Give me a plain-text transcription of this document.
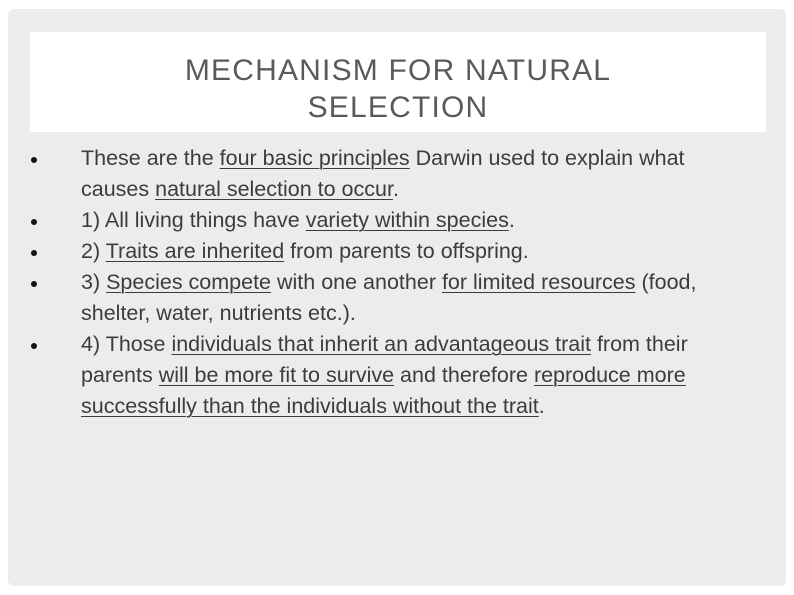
MECHANISM FOR NATURAL
SELECTION
These are the four basic principles Darwin used to explain what causes natural selection to occur.
1) All living things have variety within species.
2) Traits are inherited from parents to offspring.
3) Species compete with one another for limited resources (food, shelter, water, nutrients etc.).
4) Those individuals that inherit an advantageous trait from their parents will be more fit to survive and therefore reproduce more successfully than the individuals without the trait.
